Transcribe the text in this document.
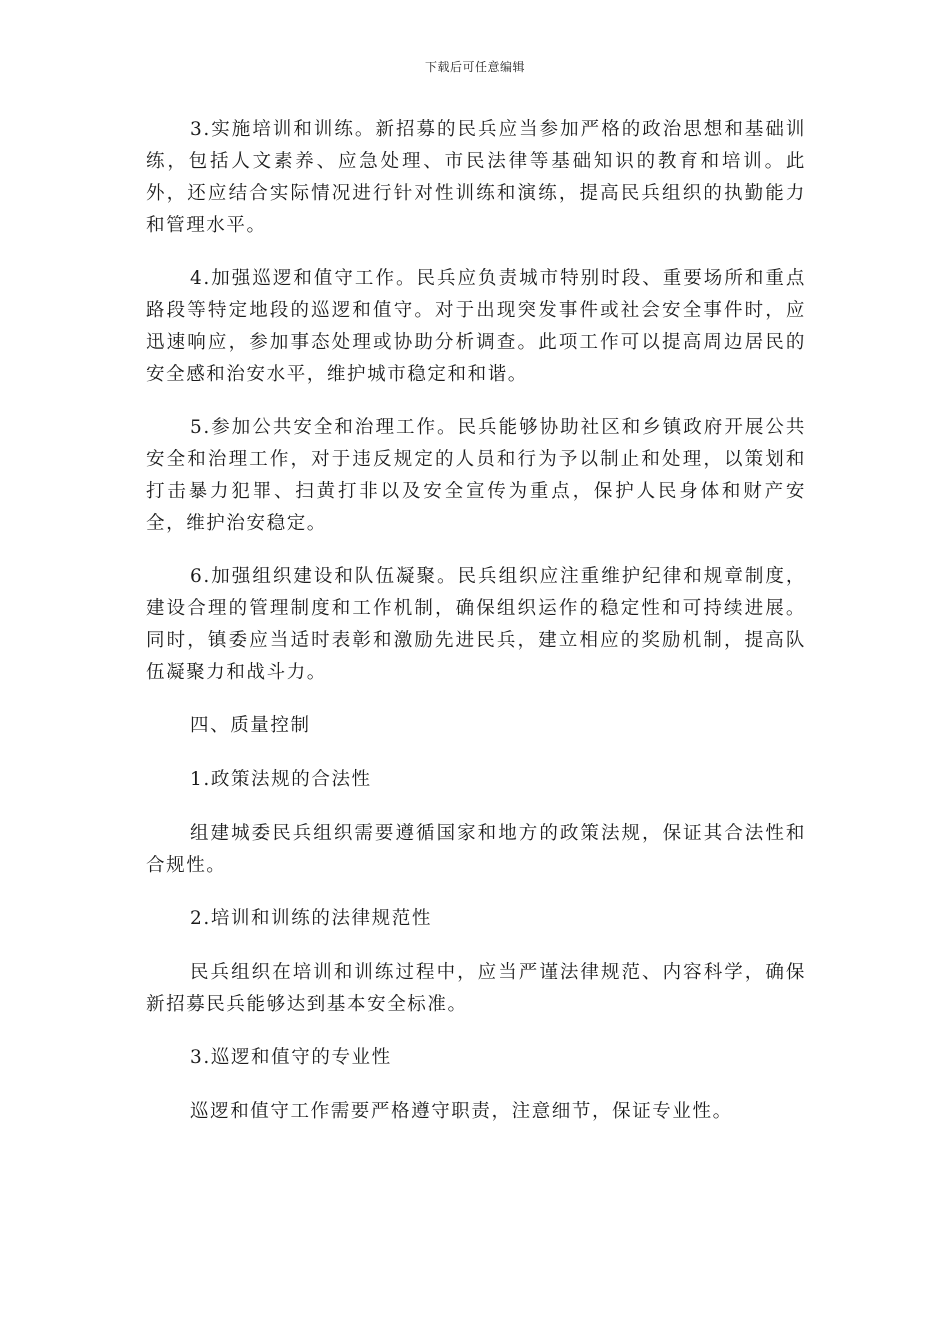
下载后可任意编辑

3.实施培训和训练。新招募的民兵应当参加严格的政治思想和基础训练，包括人文素养、应急处理、市民法律等基础知识的教育和培训。此外，还应结合实际情况进行针对性训练和演练，提高民兵组织的执勤能力和管理水平。

4.加强巡逻和值守工作。民兵应负责城市特别时段、重要场所和重点路段等特定地段的巡逻和值守。对于出现突发事件或社会安全事件时，应迅速响应，参加事态处理或协助分析调查。此项工作可以提高周边居民的安全感和治安水平，维护城市稳定和和谐。

5.参加公共安全和治理工作。民兵能够协助社区和乡镇政府开展公共安全和治理工作，对于违反规定的人员和行为予以制止和处理，以策划和打击暴力犯罪、扫黄打非以及安全宣传为重点，保护人民身体和财产安全，维护治安稳定。

6.加强组织建设和队伍凝聚。民兵组织应注重维护纪律和规章制度，建设合理的管理制度和工作机制，确保组织运作的稳定性和可持续进展。同时，镇委应当适时表彰和激励先进民兵，建立相应的奖励机制，提高队伍凝聚力和战斗力。

四、质量控制

1.政策法规的合法性

组建城委民兵组织需要遵循国家和地方的政策法规，保证其合法性和合规性。

2.培训和训练的法律规范性

民兵组织在培训和训练过程中，应当严谨法律规范、内容科学，确保新招募民兵能够达到基本安全标准。

3.巡逻和值守的专业性

巡逻和值守工作需要严格遵守职责，注意细节，保证专业性。
